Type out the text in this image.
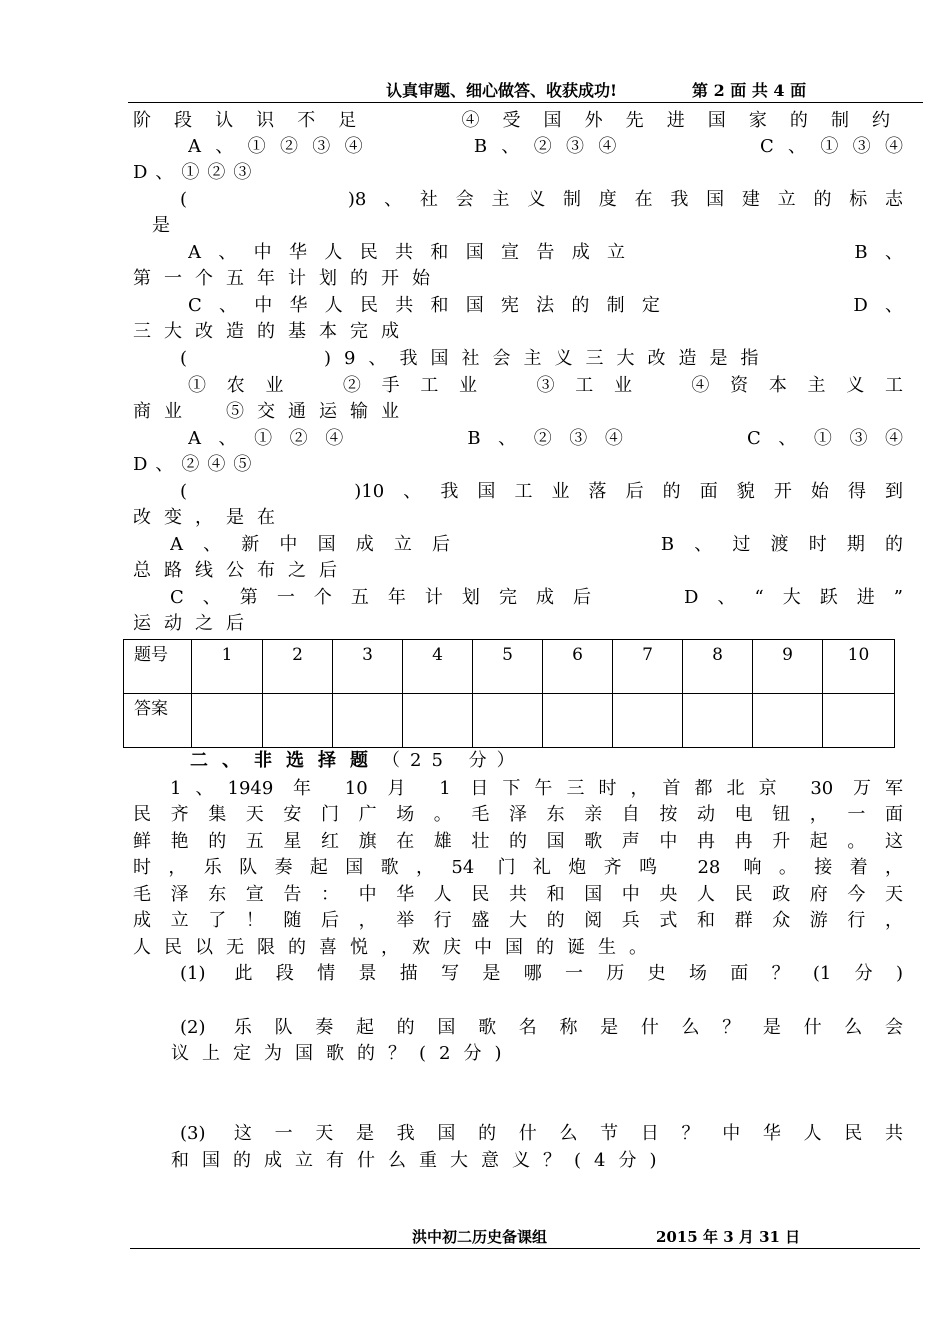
认真审题、细心做答、收获成功!	第 2 面 共 4 面
阶段认识不足　　④受国外先进国家的制约
A、①②③④　　　B、②③④　　　　C、①③④
D、①②③
(　　　　)8、社会主义制度在我国建立的标志
是
A、中华人民共和国宣告成立　　　　　　B、
第一个五年计划的开始
C、中华人民共和国宪法的制定　　　　　D、
三大改造的基本完成
(　　　　)9、我国社会主义三大改造是指
①农业　②手工业　③工业　④资本主义工
商业　⑤交通运输业
A、①②④　　　B、②③④　　　C、①③④
D、②④⑤
(　　　　)10、我国工业落后的面貌开始得到
改变，是在
A、新中国成立后　　　　　B、过渡时期的
总路线公布之后
C、第一个五年计划完成后　　D、“大跃进”
运动之后
题号	1	2	3	4	5	6	7	8	9	10
答案										
二、非选择题（25 分）
1、1949 年 10 月 1 日下午三时，首都北京 30 万军
民齐集天安门广场。毛泽东亲自按动电钮，一面
鲜艳的五星红旗在雄壮的国歌声中冉冉升起。这
时，乐队奏起国歌，54 门礼炮齐鸣 28 响。接着，
毛泽东宣告：中华人民共和国中央人民政府今天
成立了！随后，举行盛大的阅兵式和群众游行，
人民以无限的喜悦，欢庆中国的诞生。
(1) 此段情景描写是哪一历史场面？(1分)
(2) 乐队奏起的国歌名称是什么？是什么会
议上定为国歌的？(2分)
(3) 这一天是我国的什么节日？中华人民共
和国的成立有什么重大意义？(4分)
洪中初二历史备课组	2015 年 3 月 31 日
